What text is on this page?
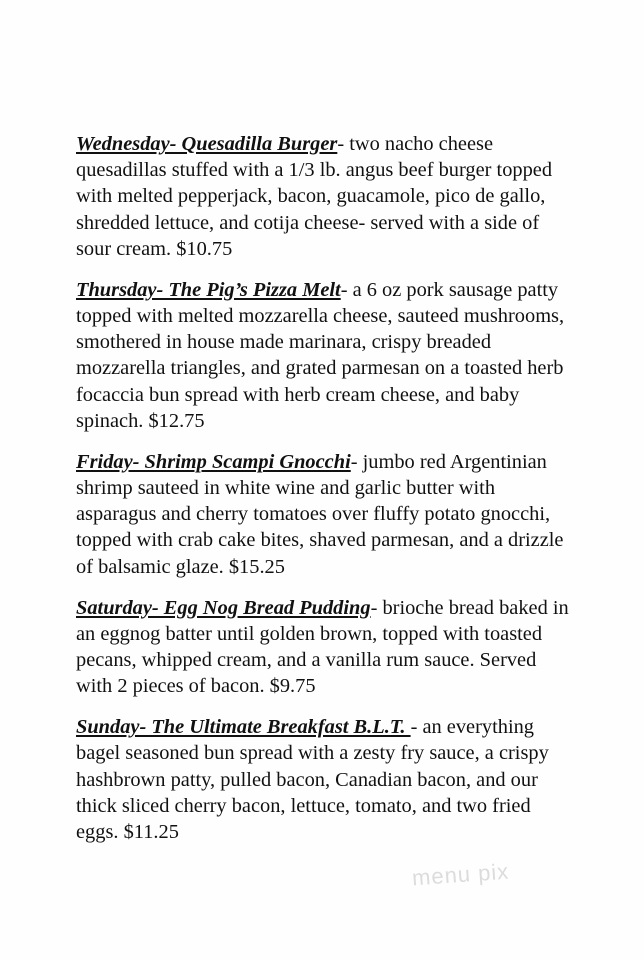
Wednesday- Quesadilla Burger- two nacho cheese quesadillas stuffed with a 1/3 lb. angus beef burger topped with melted pepperjack, bacon, guacamole, pico de gallo, shredded lettuce, and cotija cheese- served with a side of sour cream. $10.75

Thursday- The Pig’s Pizza Melt- a 6 oz pork sausage patty topped with melted mozzarella cheese, sauteed mushrooms, smothered in house made marinara, crispy breaded mozzarella triangles, and grated parmesan on a toasted herb focaccia bun spread with herb cream cheese, and baby spinach. $12.75

Friday- Shrimp Scampi Gnocchi- jumbo red Argentinian shrimp sauteed in white wine and garlic butter with asparagus and cherry tomatoes over fluffy potato gnocchi, topped with crab cake bites, shaved parmesan, and a drizzle of balsamic glaze. $15.25

Saturday- Egg Nog Bread Pudding- brioche bread baked in an eggnog batter until golden brown, topped with toasted pecans, whipped cream, and a vanilla rum sauce. Served with 2 pieces of bacon. $9.75

Sunday- The Ultimate Breakfast B.L.T. - an everything bagel seasoned bun spread with a zesty fry sauce, a crispy hashbrown patty, pulled bacon, Canadian bacon, and our thick sliced cherry bacon, lettuce, tomato, and two fried eggs. $11.25

menu pix
